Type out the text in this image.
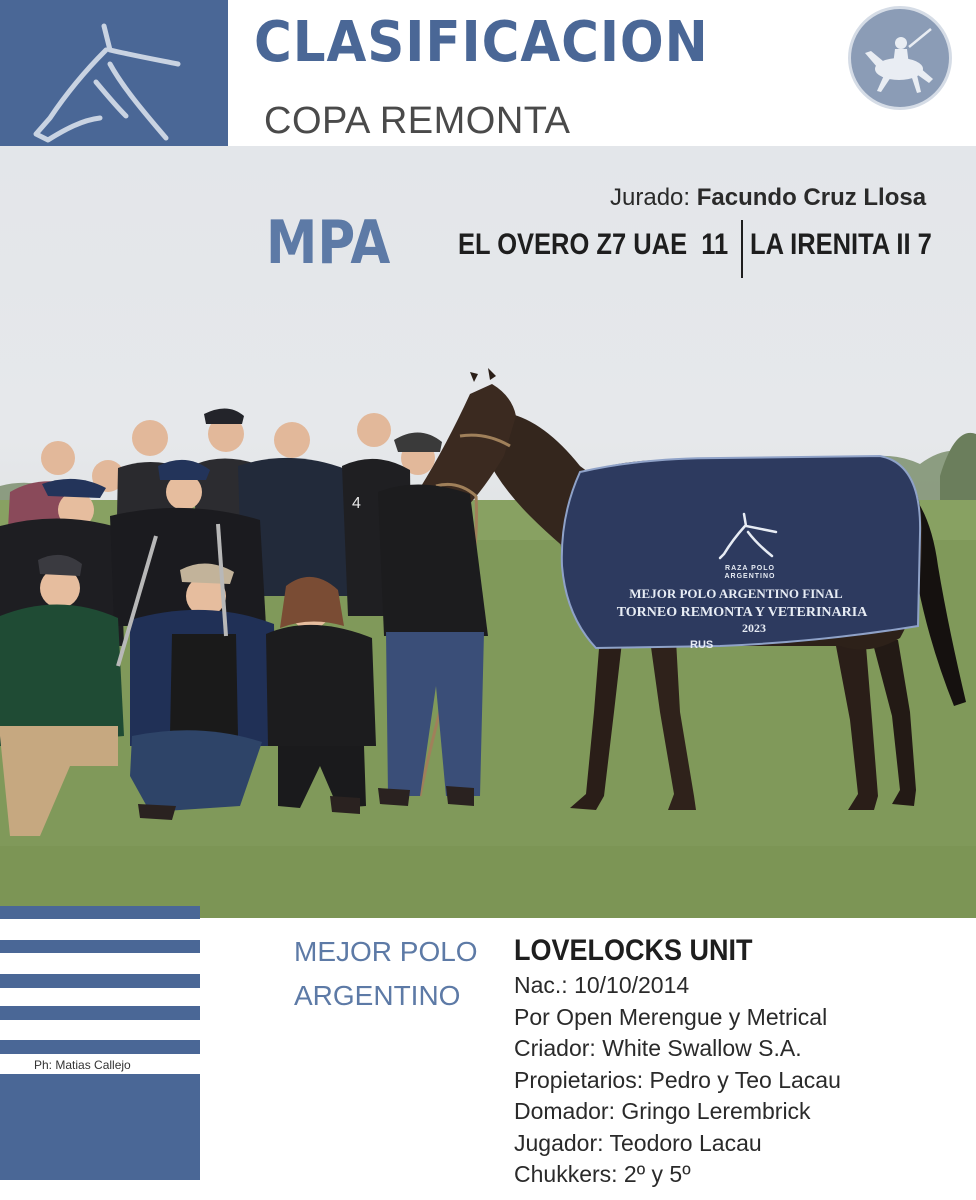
CLASIFICACION
RAZA POLO
ARGENTINO
MEJOR POLO ARGENTINO FINAL
TORNEO REMONTA Y VETERINARIA
2023
RUS
4
COPA REMONTA
Jurado: Facundo Cruz Llosa
MPA EL OVERO Z7 UAE  11 LA IRENITA II 7
Ph: Matias Callejo
MEJOR POLO
ARGENTINO
LOVELOCKS UNIT
Nac.: 10/10/2014
Por Open Merengue y Metrical
Criador: White Swallow S.A.
Propietarios: Pedro y Teo Lacau
Domador: Gringo Lerembrick
Jugador: Teodoro Lacau
Chukkers: 2º y 5º
